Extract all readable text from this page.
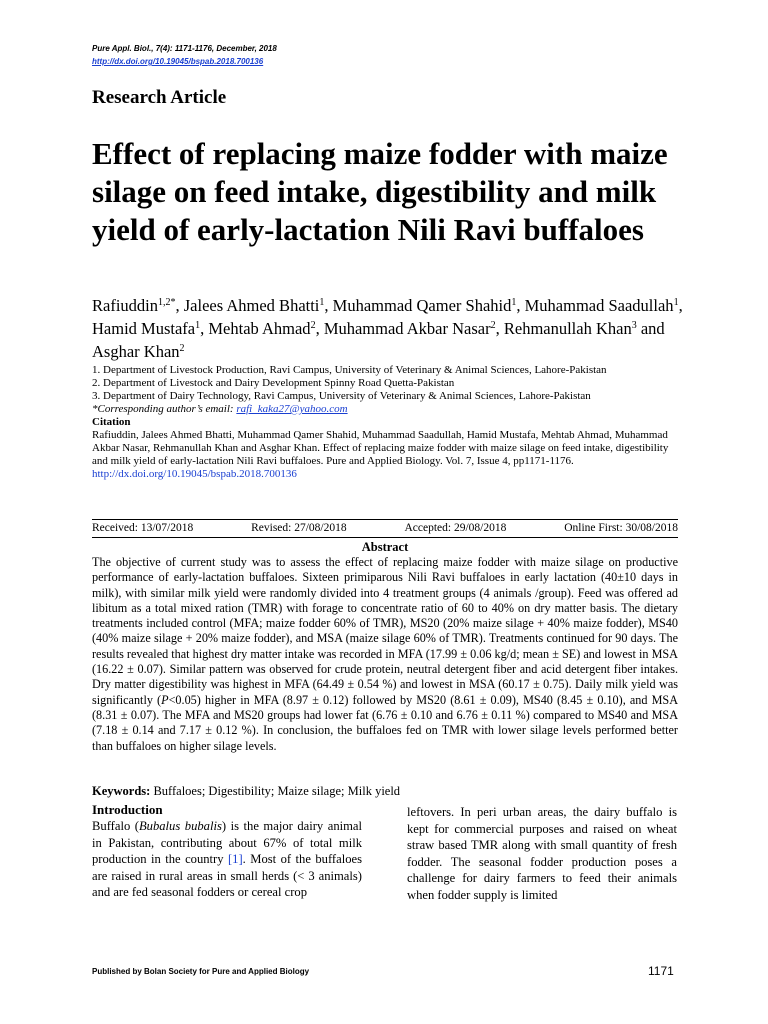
Pure Appl. Biol., 7(4): 1171-1176, December, 2018
http://dx.doi.org/10.19045/bspab.2018.700136
Research Article
Effect of replacing maize fodder with maize silage on feed intake, digestibility and milk yield of early-lactation Nili Ravi buffaloes
Rafiuddin$^{1,2*}$, Jalees Ahmed Bhatti$^1$, Muhammad Qamer Shahid$^1$, Muhammad Saadullah$^1$, Hamid Mustafa$^1$, Mehtab Ahmad$^2$, Muhammad Akbar Nasar$^2$, Rehmanullah Khan$^3$ and Asghar Khan$^2$

1. Department of Livestock Production, Ravi Campus, University of Veterinary & Animal Sciences, Lahore-Pakistan

2. Department of Livestock and Dairy Development Spinny Road Quetta-Pakistan

3. Department of Dairy Technology, Ravi Campus, University of Veterinary & Animal Sciences, Lahore-Pakistan

*Corresponding author’s email: rafi_kaka27@yahoo.com

Citation

Rafiuddin, Jalees Ahmed Bhatti, Muhammad Qamer Shahid, Muhammad Saadullah, Hamid Mustafa, Mehtab Ahmad, Muhammad Akbar Nasar, Rehmanullah Khan and Asghar Khan. Effect of replacing maize fodder with maize silage on feed intake, digestibility and milk yield of early-lactation Nili Ravi buffaloes. Pure and Applied Biology. Vol. 7, Issue 4, pp1171-1176. http://dx.doi.org/10.19045/bspab.2018.700136

Received: 13/07/2018	Revised: 27/08/2018	Accepted: 29/08/2018	Online First: 30/08/2018
Abstract

The objective of current study was to assess the effect of replacing maize fodder with maize silage on productive performance of early-lactation buffaloes. Sixteen primiparous Nili Ravi buffaloes in early lactation (40±10 days in milk), with similar milk yield were randomly divided into 4 treatment groups (4 animals /group). Feed was offered ad libitum as a total mixed ration (TMR) with forage to concentrate ratio of 60 to 40% on dry matter basis. The dietary treatments included control (MFA; maize fodder 60% of TMR), MS20 (20% maize silage + 40% maize fodder), MS40 (40% maize silage + 20% maize fodder), and MSA (maize silage 60% of TMR). Treatments continued for 90 days. The results revealed that highest dry matter intake was recorded in MFA (17.99 ± 0.06 kg/d; mean ± SE) and lowest in MSA (16.22 ± 0.07). Similar pattern was observed for crude protein, neutral detergent fiber and acid detergent fiber intakes. Dry matter digestibility was highest in MFA (64.49 ± 0.54 %) and lowest in MSA (60.17 ± 0.75). Daily milk yield was significantly (P<0.05) higher in MFA (8.97 ± 0.12) followed by MS20 (8.61 ± 0.09), MS40 (8.45 ± 0.10), and MSA (8.31 ± 0.07). The MFA and MS20 groups had lower fat (6.76 ± 0.10 and 6.76 ± 0.11 %) compared to MS40 and MSA (7.18 ± 0.14 and 7.17 ± 0.12 %). In conclusion, the buffaloes fed on TMR with lower silage levels performed better than buffaloes on higher silage levels.

Keywords: Buffaloes; Digestibility; Maize silage; Milk yield
Introduction

Buffalo (Bubalus bubalis) is the major dairy animal in Pakistan, contributing about 67% of total milk production in the country [1]. Most of the buffaloes are raised in rural areas in small herds (< 3 animals) and are fed seasonal fodders or cereal crop

leftovers. In peri urban areas, the dairy buffalo is kept for commercial purposes and raised on wheat straw based TMR along with small quantity of fresh fodder. The seasonal fodder production poses a challenge for dairy farmers to feed their animals when fodder supply is limited

Published by Bolan Society for Pure and Applied Biology	1171
